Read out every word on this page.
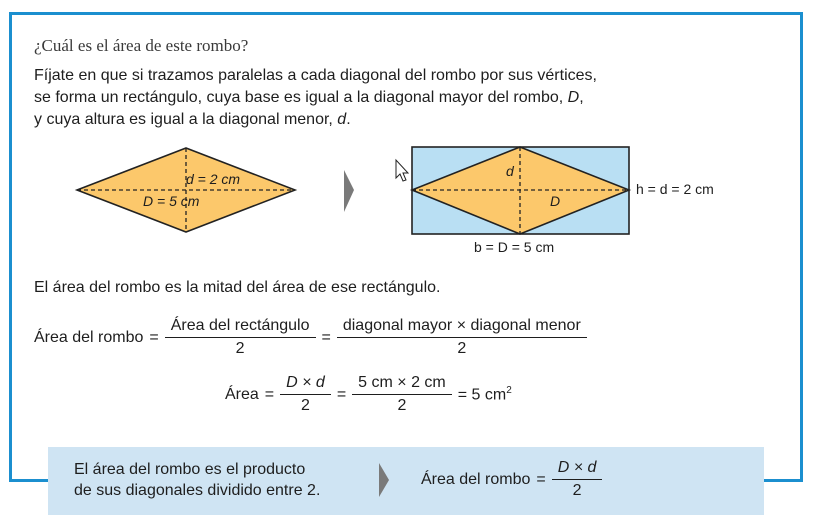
¿Cuál es el área de este rombo?
Fíjate en que si trazamos paralelas a cada diagonal del rombo por sus vértices,
se forma un rectángulo, cuya base es igual a la diagonal mayor del rombo, D,
y cuya altura es igual a la diagonal menor, d.
d = 2 cm
D = 5 cm
d
D
h = d = 2 cm
b = D = 5 cm
El área del rombo es la mitad del área de ese rectángulo.
Área del rombo = $\frac{\text{Área del rectángulo}}{2} = \frac{\text{diagonal mayor × diagonal menor}}{2}$
Área = $\frac{D \times d}{2} = \frac{5 cm \times 2 cm}{2} = 5$ $cm^2$
El área del rombo es el producto
de sus diagonales dividido entre 2.
Área del rombo = $\frac{D \times d}{2}$
